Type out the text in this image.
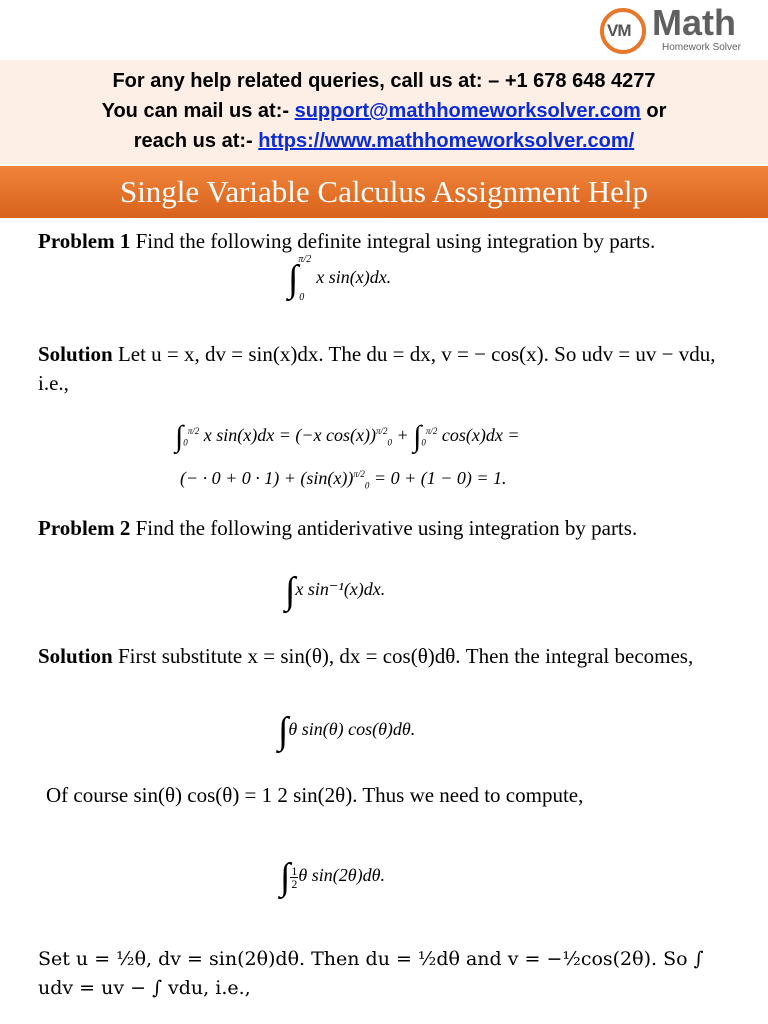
VM Math
Homework Solver
For any help related queries, call us at: – +1 678 648 4277
You can mail us at:- support@mathhomeworksolver.com or
reach us at:- https://www.mathhomeworksolver.com/
Single Variable Calculus Assignment Help

Problem 1 Find the following definite integral using integration by parts.

∫$^{\pi/2}_0$x sin(x)dx.

Solution Let u = x, dv = sin(x)dx. The du = dx, v = − cos(x). So udv = uv − vdu, i.e.,

$\int_0^{\pi/2}$ x sin(x)dx = (−x $\cos(x))^{\pi/2}_0 + \int_0^{\pi/2}$ cos(x)dx =
(− · $0 + 0 \cdot 1) + (\sin(x))^{\pi/2}_0 = 0 + (1 - 0) = 1$.

Problem 2 Find the following antiderivative using integration by parts.

∫x sin⁻¹(x)dx.

Solution First substitute x = sin(θ), dx = cos(θ)dθ. Then the integral becomes,

∫θ sin(θ) cos(θ)dθ.

Of course sin(θ) cos(θ) = 1 2 sin(2θ). Thus we need to compute,

∫ $\frac{1}{2}$ θ sin(2θ)dθ.

Set u = ½θ, dv = sin(2θ)dθ. Then du = ½dθ and v = −½cos(2θ). So ∫ udv = uv − ∫ vdu, i.e.,
